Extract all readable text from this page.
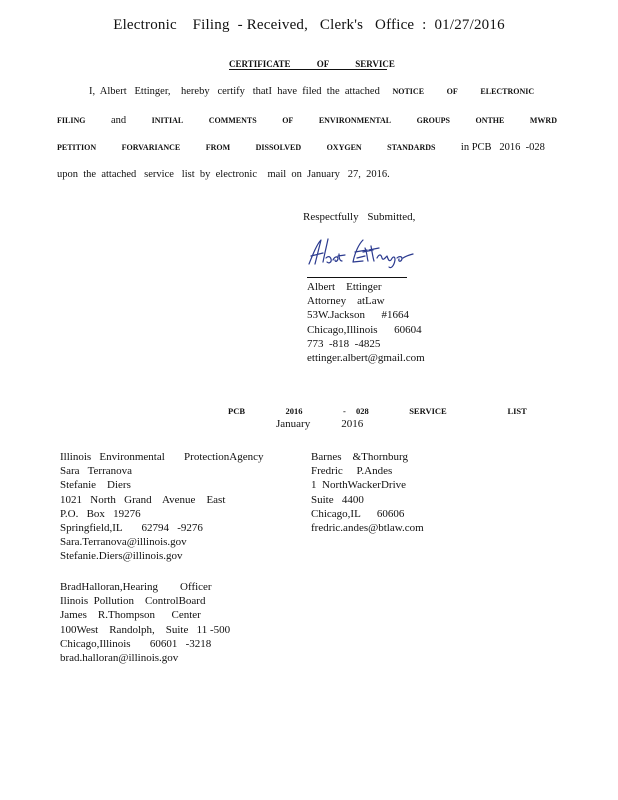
Electronic    Filing  - Received,   Clerk's   Office  :  01/27/2016
CERTIFICATE OF SERVICE
I,  Albert   Ettinger,    hereby   certify   thatI  have  filed  the  attached NOTICE	OF	ELECTRONIC
FILING and	INITIAL	COMMENTS	OF	ENVIRONMENTAL	GROUPS	ONTHE	MWRD
PETITION	FORVARIANCE	FROM	DISSOLVED	OXYGEN	STANDARDS in PCB   2016  -028
upon  the  attached   service   list  by  electronic    mail  on  January   27,  2016.
Respectfully Submitted,
Albert    Ettinger
Attorney    atLaw
53W.Jackson      #1664
Chicago,Illinois      60604
773  -818  -4825
ettinger.albert@gmail.com
PCB    2016    - 028    SERVICE      LIST
January    2016
Illinois   Environmental       ProtectionAgency
Sara   Terranova
Stefanie    Diers
1021   North   Grand    Avenue    East
P.O.   Box   19276
Springfield,IL       62794   -9276
Sara.Terranova@illinois.gov
Stefanie.Diers@illinois.gov
Barnes    &Thornburg
Fredric     P.Andes
1  NorthWackerDrive
Suite   4400
Chicago,IL      60606
fredric.andes@btlaw.com
BradHalloran,Hearing        Officer
Ilinois  Pollution    ControlBoard
James    R.Thompson      Center
100West    Randolph,    Suite   11 -500
Chicago,Illinois       60601   -3218
brad.halloran@illinois.gov
